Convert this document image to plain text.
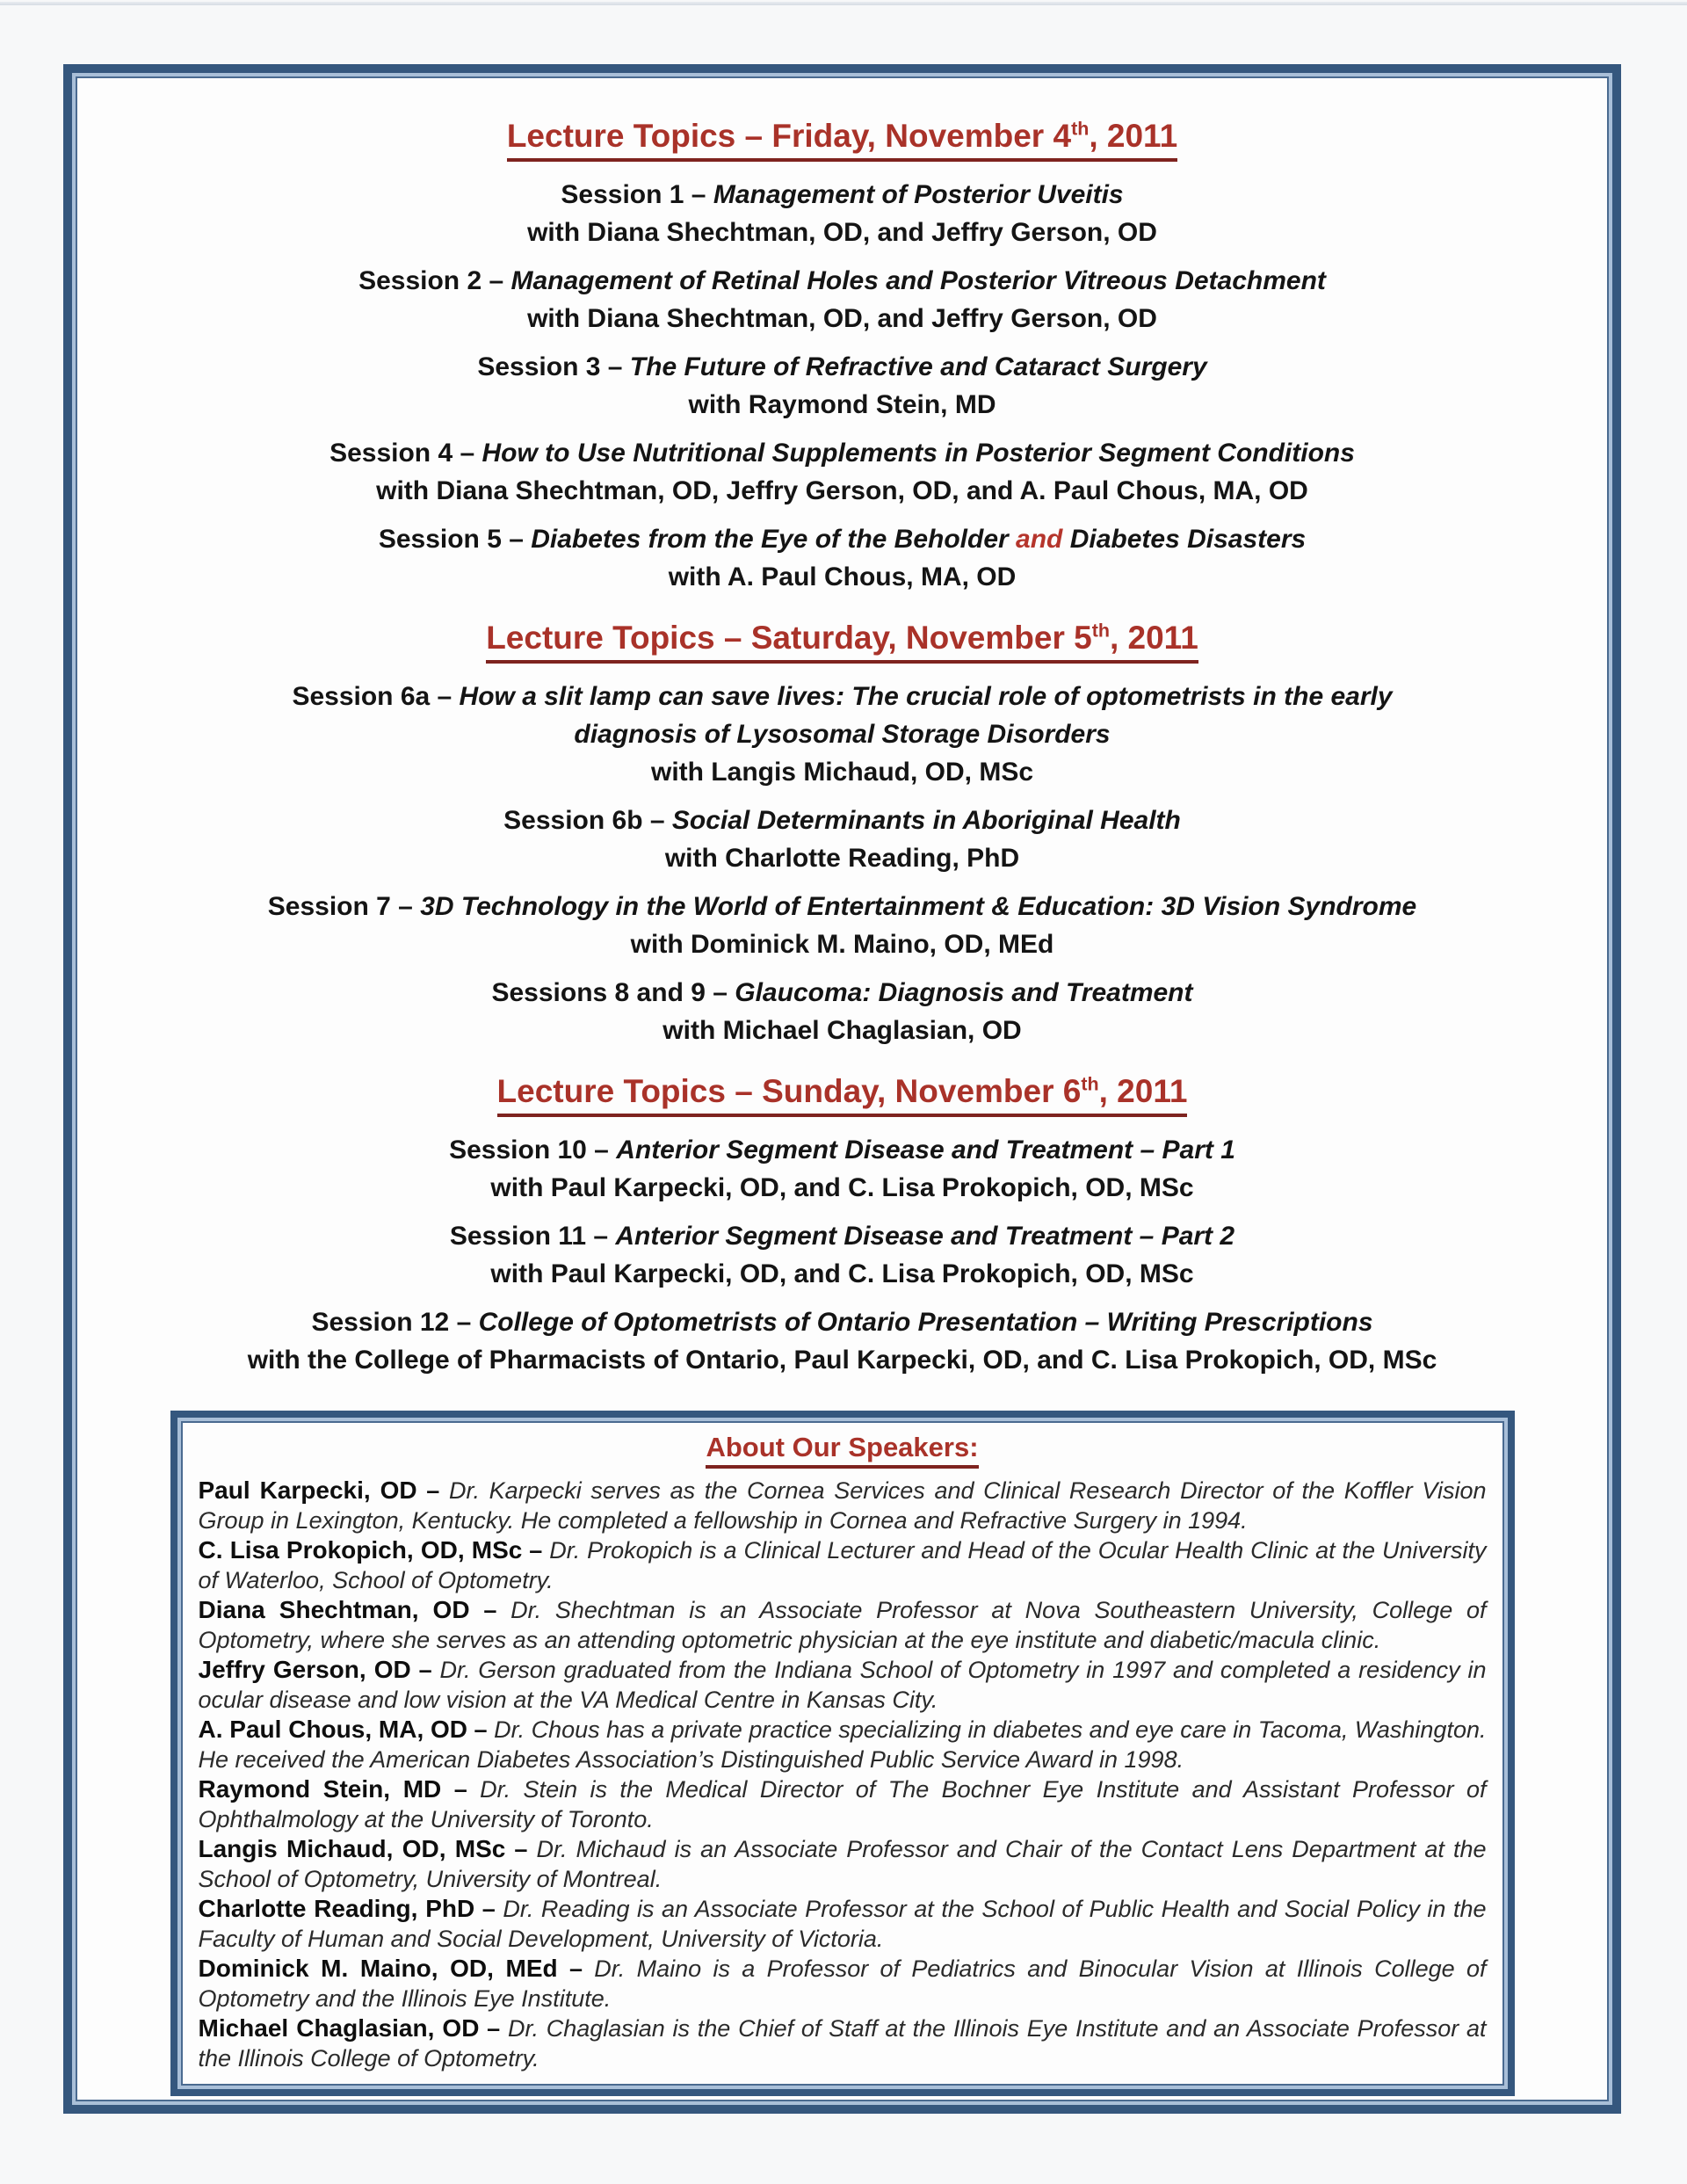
Lecture Topics – Friday, November 4th, 2011
Session 1 – Management of Posterior Uveitis
with Diana Shechtman, OD, and Jeffry Gerson, OD
Session 2 – Management of Retinal Holes and Posterior Vitreous Detachment
with Diana Shechtman, OD, and Jeffry Gerson, OD
Session 3 – The Future of Refractive and Cataract Surgery
with Raymond Stein, MD
Session 4 – How to Use Nutritional Supplements in Posterior Segment Conditions
with Diana Shechtman, OD, Jeffry Gerson, OD, and A. Paul Chous, MA, OD
Session 5 – Diabetes from the Eye of the Beholder and Diabetes Disasters
with A. Paul Chous, MA, OD
Lecture Topics – Saturday, November 5th, 2011
Session 6a – How a slit lamp can save lives: The crucial role of optometrists in the early
diagnosis of Lysosomal Storage Disorders
with Langis Michaud, OD, MSc
Session 6b – Social Determinants in Aboriginal Health
with Charlotte Reading, PhD
Session 7 – 3D Technology in the World of Entertainment & Education: 3D Vision Syndrome
with Dominick M. Maino, OD, MEd
Sessions 8 and 9 – Glaucoma: Diagnosis and Treatment
with Michael Chaglasian, OD
Lecture Topics – Sunday, November 6th, 2011
Session 10 – Anterior Segment Disease and Treatment – Part 1
with Paul Karpecki, OD, and C. Lisa Prokopich, OD, MSc
Session 11 – Anterior Segment Disease and Treatment – Part 2
with Paul Karpecki, OD, and C. Lisa Prokopich, OD, MSc
Session 12 – College of Optometrists of Ontario Presentation – Writing Prescriptions
with the College of Pharmacists of Ontario, Paul Karpecki, OD, and C. Lisa Prokopich, OD, MSc
About Our Speakers:

Paul Karpecki, OD – Dr. Karpecki serves as the Cornea Services and Clinical Research Director of the Koffler Vision Group in Lexington, Kentucky. He completed a fellowship in Cornea and Refractive Surgery in 1994.

C. Lisa Prokopich, OD, MSc – Dr. Prokopich is a Clinical Lecturer and Head of the Ocular Health Clinic at the University of Waterloo, School of Optometry.

Diana Shechtman, OD – Dr. Shechtman is an Associate Professor at Nova Southeastern University, College of Optometry, where she serves as an attending optometric physician at the eye institute and diabetic/macula clinic.

Jeffry Gerson, OD – Dr. Gerson graduated from the Indiana School of Optometry in 1997 and completed a residency in ocular disease and low vision at the VA Medical Centre in Kansas City.

A. Paul Chous, MA, OD – Dr. Chous has a private practice specializing in diabetes and eye care in Tacoma, Washington. He received the American Diabetes Association’s Distinguished Public Service Award in 1998.

Raymond Stein, MD – Dr. Stein is the Medical Director of The Bochner Eye Institute and Assistant Professor of Ophthalmology at the University of Toronto.

Langis Michaud, OD, MSc – Dr. Michaud is an Associate Professor and Chair of the Contact Lens Department at the School of Optometry, University of Montreal.

Charlotte Reading, PhD – Dr. Reading is an Associate Professor at the School of Public Health and Social Policy in the Faculty of Human and Social Development, University of Victoria.

Dominick M. Maino, OD, MEd – Dr. Maino is a Professor of Pediatrics and Binocular Vision at Illinois College of Optometry and the Illinois Eye Institute.

Michael Chaglasian, OD – Dr. Chaglasian is the Chief of Staff at the Illinois Eye Institute and an Associate Professor at the Illinois College of Optometry.
